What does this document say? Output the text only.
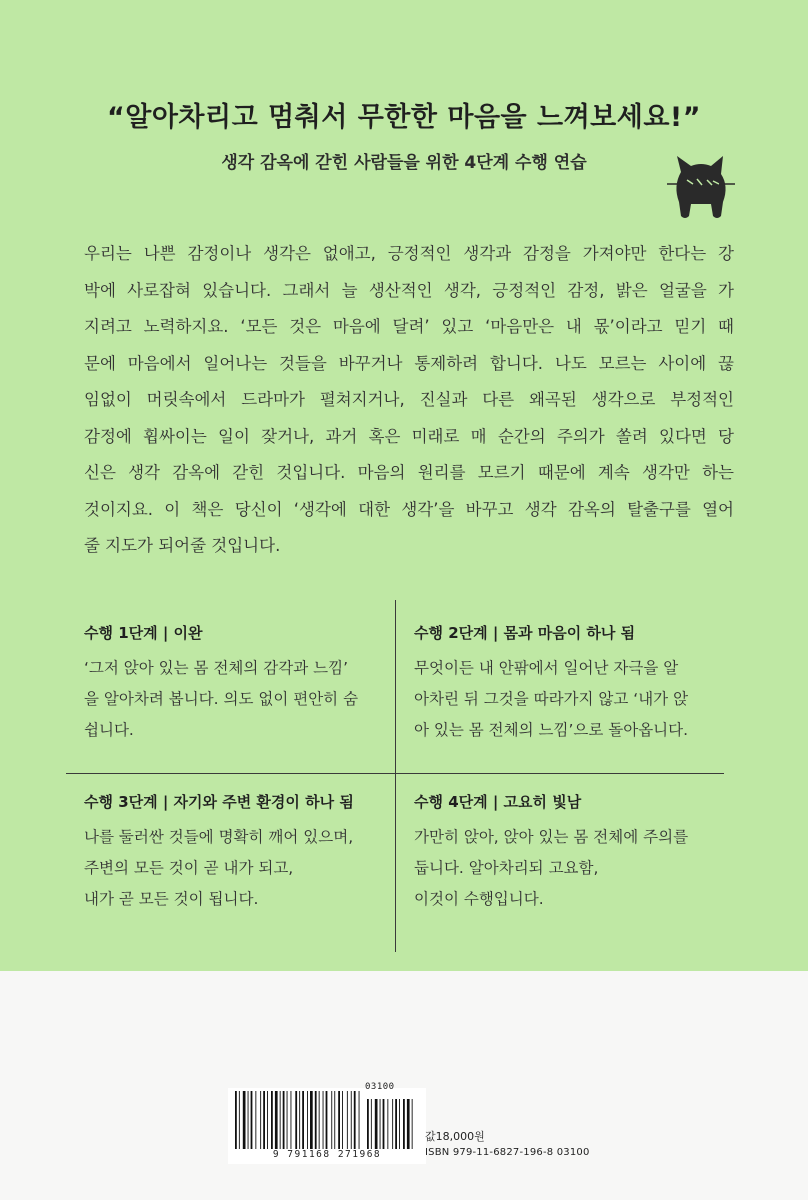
“알아차리고 멈춰서 무한한 마음을 느껴보세요!”
생각 감옥에 갇힌 사람들을 위한 4단계 수행 연습
우리는 나쁜 감정이나 생각은 없애고, 긍정적인 생각과 감정을 가져야만 한다는 강
박에 사로잡혀 있습니다. 그래서 늘 생산적인 생각, 긍정적인 감정, 밝은 얼굴을 가
지려고 노력하지요. ‘모든 것은 마음에 달려’ 있고 ‘마음만은 내 몫’이라고 믿기 때
문에 마음에서 일어나는 것들을 바꾸거나 통제하려 합니다. 나도 모르는 사이에 끊
임없이 머릿속에서 드라마가 펼쳐지거나, 진실과 다른 왜곡된 생각으로 부정적인
감정에 휩싸이는 일이 잦거나, 과거 혹은 미래로 매 순간의 주의가 쏠려 있다면 당
신은 생각 감옥에 갇힌 것입니다. 마음의 원리를 모르기 때문에 계속 생각만 하는
것이지요. 이 책은 당신이 ‘생각에 대한 생각’을 바꾸고 생각 감옥의 탈출구를 열어
줄 지도가 되어줄 것입니다.
수행 1단계 | 이완

‘그저 앉아 있는 몸 전체의 감각과 느낌’
을 알아차려 봅니다. 의도 없이 편안히 숨
쉽니다.

수행 2단계 | 몸과 마음이 하나 됨

무엇이든 내 안팎에서 일어난 자극을 알
아차린 뒤 그것을 따라가지 않고 ‘내가 앉
아 있는 몸 전체의 느낌’으로 돌아옵니다.

수행 3단계 | 자기와 주변 환경이 하나 됨

나를 둘러싼 것들에 명확히 깨어 있으며,
주변의 모든 것이 곧 내가 되고,
내가 곧 모든 것이 됩니다.

수행 4단계 | 고요히 빛남

가만히 앉아, 앉아 있는 몸 전체에 주의를
둡니다. 알아차리되 고요함,
이것이 수행입니다.

9 791168 271968
03100
값18,000원
ISBN 979-11-6827-196-8 03100
